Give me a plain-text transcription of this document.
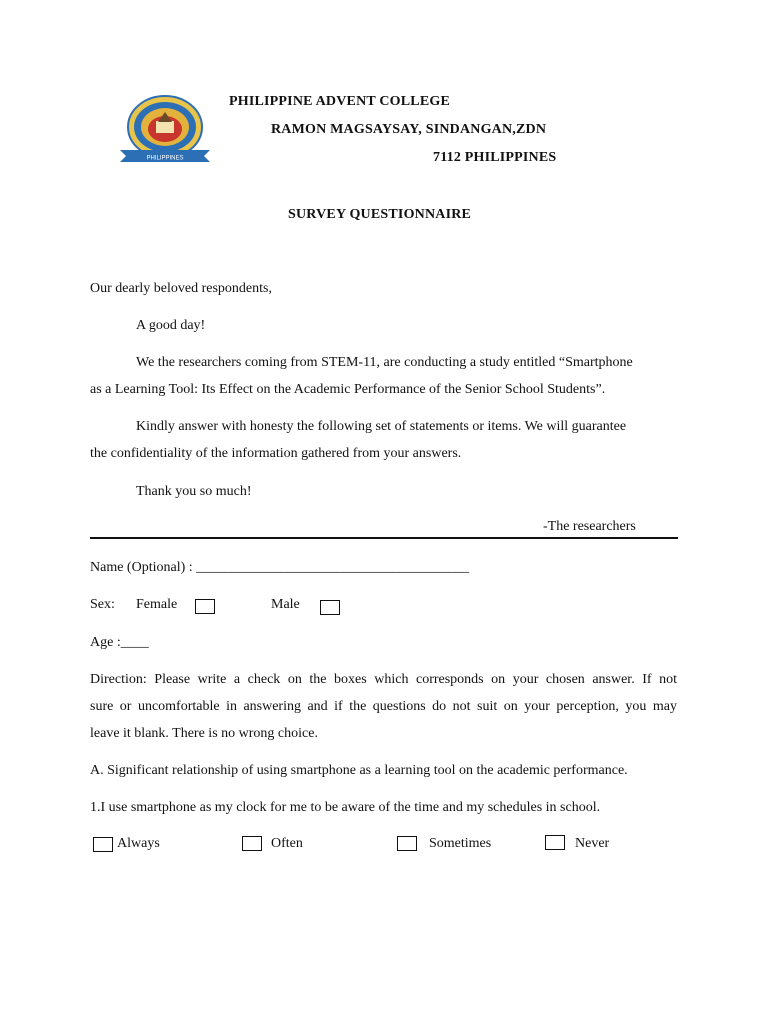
PHILIPPINES
PHILIPPINE ADVENT COLLEGE
RAMON MAGSAYSAY, SINDANGAN,ZDN
7112 PHILIPPINES
SURVEY QUESTIONNAIRE
Our dearly beloved respondents,
A good day!
We the researchers coming from STEM-11, are conducting a study entitled “Smartphone
as a Learning Tool: Its Effect on the Academic Performance of the Senior School Students”.
Kindly answer with honesty the following set of statements or items. We will guarantee
the confidentiality of the information gathered from your answers.
Thank you so much!
-The researchers
Name (Optional) : _______________________________________
Sex: Female	Male
Age :____
Direction: Please write a check on the boxes which corresponds on your chosen answer. If not
sure or uncomfortable in answering and if the questions do not suit on your perception, you may
leave it blank. There is no wrong choice.
A. Significant relationship of using smartphone as a learning tool on the academic performance.
1.I use smartphone as my clock for me to be aware of the time and my schedules in school.
Always	Often	Sometimes	Never
